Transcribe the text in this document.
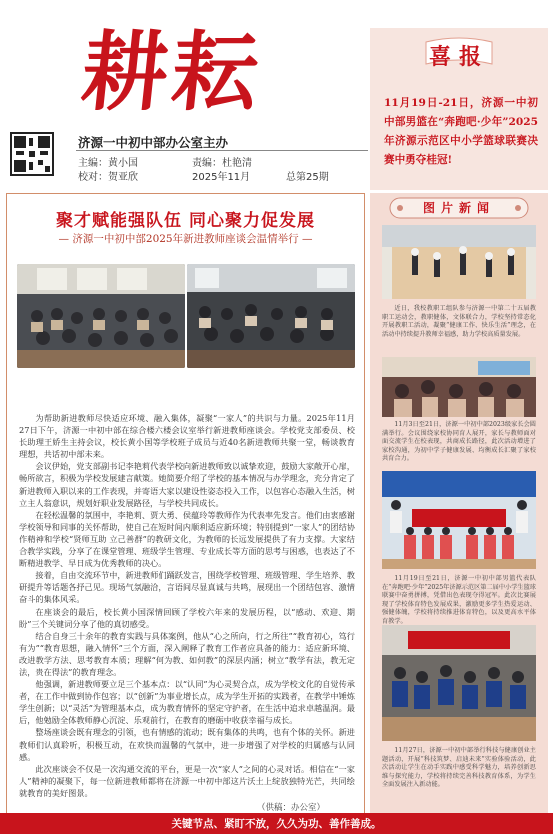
耕耘
济源一中初中部办公室主办
主编：黄小国	责编：杜艳清
校对：贺亚欣	2025年11月	总第25期
喜报
11月19日-21日，济源一中初中部男篮在“奔跑吧·少年”2025年济源示范区中小学篮球联赛决赛中勇夺桂冠!
聚才赋能强队伍 同心聚力促发展
— 济源一中初中部2025年新进教师座谈会温情举行 —

为帮助新进教师尽快适应环境、融入集体，凝聚“一家人”的共识与力量。2025年11月27日下午，济源一中初中部在综合楼六楼会议室举行新进教师座谈会。学校党支部委员、校长助理王娇生主持会议，校长黄小国等学校班子成员与近40名新进教师共聚一堂，畅谈教育理想，共话初中部未来。

会议伊始，党支部副书记李艳莉代表学校向新进教师致以诚挚欢迎，鼓励大家敞开心扉，畅所欲言，积极为学校发展建言献策。她简要介绍了学校的基本情况与办学理念，充分肯定了新进教师入职以来的工作表现，并寄语大家以建设性姿态投入工作，以包容心态融入生活，树立主人翁意识，规划好职业发展路径，与学校共同成长。

在轻松温馨的氛围中，李艳莉、贾大勇、侯蕴玲等教师作为代表率先发言。他们由衷感谢学校领导和同事的关怀帮助，使自己在短时间内顺利适应新环境；特别提到“一家人”的团结协作精神和学校“贤师互助 立己善群”的教研文化，为教师的长远发展提供了有力支撑。大家结合教学实践，分享了在课堂管理、班级学生管理、专业成长等方面的思考与困惑，也表达了不断精进教学、早日成为优秀教师的决心。

接着，自由交流环节中，新进教师们踊跃发言，围绕学校管理、班级管理、学生培养、教研提升等话题各抒己见。现场气氛融洽，言语间尽显真诚与共鸣，展现出一个团结包容、激情奋斗的集体风采。

在座谈会的最后，校长黄小国深情回顾了学校六年来的发展历程，以“感动、欢迎、期盼”三个关键词分享了他的真切感受。

结合自身三十余年的教育实践与具体案例，他从“心之所向，行之所往”“教育初心，笃行有为”“教育思想，融入情怀”三个方面，深入阐释了教育工作者应具备的能力：适应新环境、改进教学方法、思考教育本质；理解“何为教、如何教”的深层内涵；树立“教学有法，教无定法，贵在得法”的教育理念。

他强调，新进教师要立足三个基本点：以“认同”为心灵契合点，成为学校文化的自觉传承者，在工作中做到协作包容；以“创新”为事业增长点，成为学生开拓的实践者，在教学中锤炼学生创新；以“灵活”为管理基本点，成为教育情怀的坚定守护者，在生活中追求卓越温润。最后，他勉励全体教师静心沉淀、乐观前行，在教育的磨砺中收获幸福与成长。

整场座谈会既有理念的引领，也有情感的流动；既有集体的共鸣，也有个体的关怀。新进教师们认真聆听，积极互动，在欢快而温馨的气氛中，进一步增强了对学校的归属感与认同感。

此次座谈会不仅是一次沟通交流的平台，更是一次“家人”之间的心灵对话。相信在“一家人”精神的凝聚下，每一位新进教师都将在济源一中初中部这片沃土上绽放独特光芒，共同绘就教育的美好图景。

（供稿：办公室）
图片新闻
近日，我校教职工组队参与济源一中第二十五届教职工运动会，教职健体，文体联合力，学校坚持常态化开展教职工活动，凝聚“健康工作、快乐生活”理念，在活动中持续提升教师幸福感，助力学校高质量发展。
11月3日至21日，济源一中初中部2023级家长会圆满举行。会议围绕家校协同育人展开，家长与教师面对面交流学生在校表现，共商成长路径，此次活动增进了家校沟通，为初中学子健康发展、均衡成长汇聚了家校共育合力。
11月19日至21日，济源一中初中部男篮代表队在“奔跑吧·少年”2025年济源示范区第二届中小学生篮球联赛中奋勇拼搏，凭借出色表现夺得冠军。此次比赛展现了学校体育特色发展成果，激励更多学生热爱运动、强健体魄，学校将持续推进体育特色，以及更高水平体育教学。
11月27日，济源一中初中部举行科技与健康创业主题活动，开展“科技筑梦、启迪未来”实验体验活动，此次活动让学生在动手实践中感受科学魅力，培养创新思维与探究能力，学校将持续完善科技教育体系，为学生全面发展注入新动能。
关键节点、紧盯不放，久久为功、善作善成。
